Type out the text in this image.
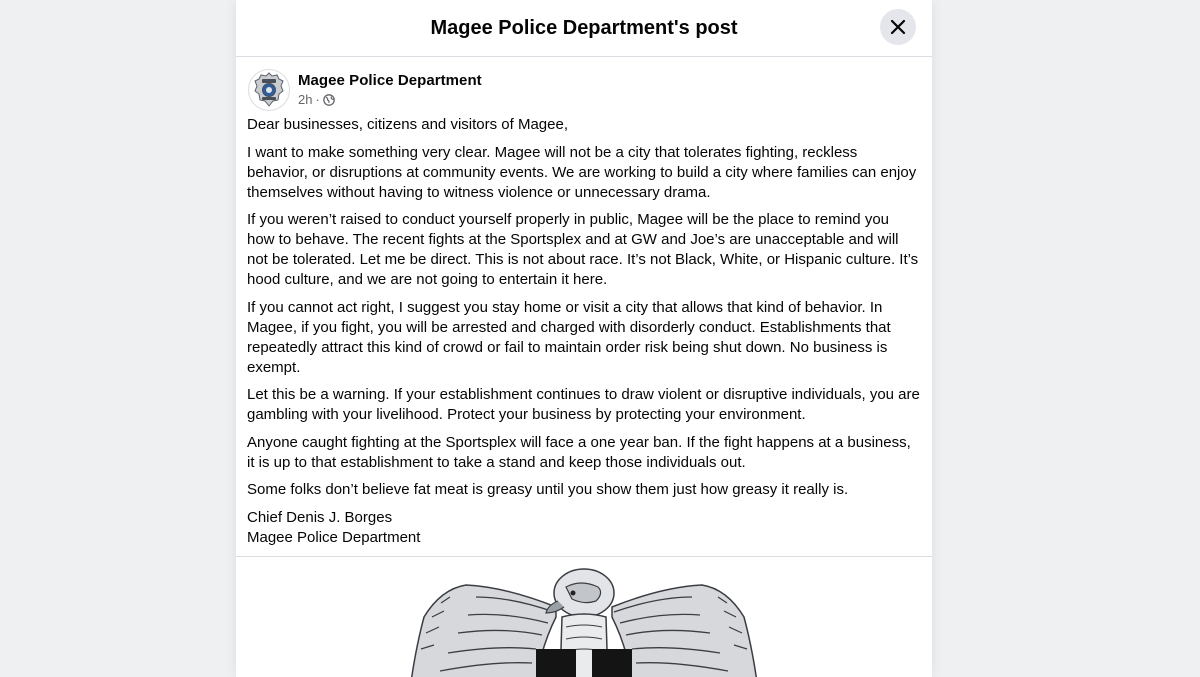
Magee Police Department's post
Magee Police Department
2h ·

Dear businesses, citizens and visitors of Magee,

I want to make something very clear. Magee will not be a city that tolerates fighting, reckless behavior, or disruptions at community events. We are working to build a city where families can enjoy themselves without having to witness violence or unnecessary drama.

If you weren’t raised to conduct yourself properly in public, Magee will be the place to remind you how to behave. The recent fights at the Sportsplex and at GW and Joe’s are unacceptable and will not be tolerated. Let me be direct. This is not about race. It’s not Black, White, or Hispanic culture. It’s hood culture, and we are not going to entertain it here.

If you cannot act right, I suggest you stay home or visit a city that allows that kind of behavior. In Magee, if you fight, you will be arrested and charged with disorderly conduct. Establishments that repeatedly attract this kind of crowd or fail to maintain order risk being shut down. No business is exempt.

Let this be a warning. If your establishment continues to draw violent or disruptive individuals, you are gambling with your livelihood. Protect your business by protecting your environment.

Anyone caught fighting at the Sportsplex will face a one year ban. If the fight happens at a business, it is up to that establishment to take a stand and keep those individuals out.

Some folks don’t believe fat meat is greasy until you show them just how greasy it really is.

Chief Denis J. Borges
Magee Police Department
